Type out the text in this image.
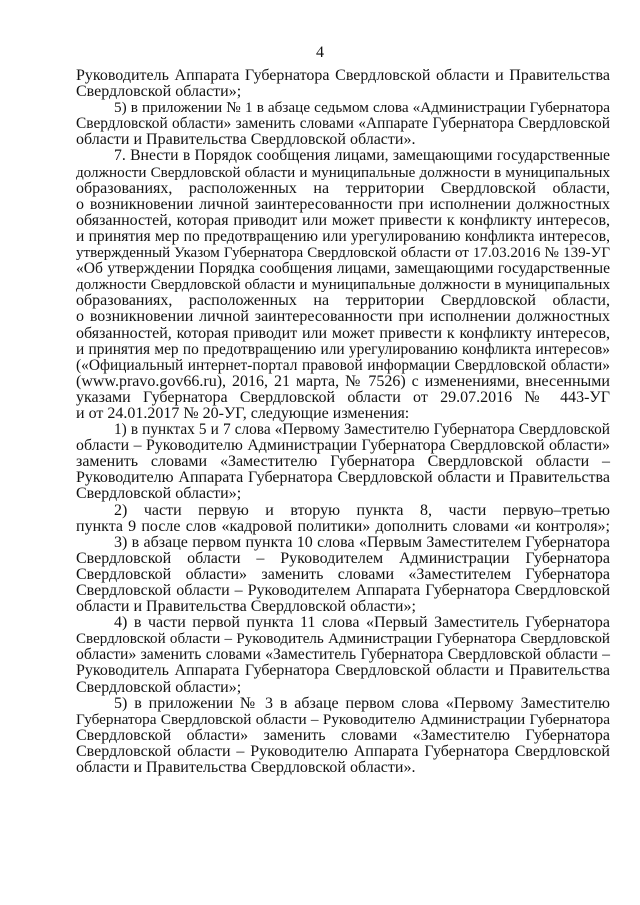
4
Руководитель Аппарата Губернатора Свердловской области и Правительства
Свердловской области»;
5) в приложении № 1 в абзаце седьмом слова «Администрации Губернатора
Свердловской области» заменить словами «Аппарате Губернатора Свердловской
области и Правительства Свердловской области».
7. Внести в Порядок сообщения лицами, замещающими государственные
должности Свердловской области и муниципальные должности в муниципальных
образованиях, расположенных на территории Свердловской области,
о возникновении личной заинтересованности при исполнении должностных
обязанностей, которая приводит или может привести к конфликту интересов,
и принятия мер по предотвращению или урегулированию конфликта интересов,
утвержденный Указом Губернатора Свердловской области от 17.03.2016 № 139-УГ
«Об утверждении Порядка сообщения лицами, замещающими государственные
должности Свердловской области и муниципальные должности в муниципальных
образованиях, расположенных на территории Свердловской области,
о возникновении личной заинтересованности при исполнении должностных
обязанностей, которая приводит или может привести к конфликту интересов,
и принятия мер по предотвращению или урегулированию конфликта интересов»
(«Официальный интернет-портал правовой информации Свердловской области»
(www.pravo.gov66.ru), 2016, 21 марта, № 7526) с изменениями, внесенными
указами Губернатора Свердловской области от 29.07.2016 № 443-УГ
и от 24.01.2017 № 20-УГ, следующие изменения:
1) в пунктах 5 и 7 слова «Первому Заместителю Губернатора Свердловской
области – Руководителю Администрации Губернатора Свердловской области»
заменить словами «Заместителю Губернатора Свердловской области –
Руководителю Аппарата Губернатора Свердловской области и Правительства
Свердловской области»;
2) части первую и вторую пункта 8, части первую–третью
пункта 9 после слов «кадровой политики» дополнить словами «и контроля»;
3) в абзаце первом пункта 10 слова «Первым Заместителем Губернатора
Свердловской области – Руководителем Администрации Губернатора
Свердловской области» заменить словами «Заместителем Губернатора
Свердловской области – Руководителем Аппарата Губернатора Свердловской
области и Правительства Свердловской области»;
4) в части первой пункта 11 слова «Первый Заместитель Губернатора
Свердловской области – Руководитель Администрации Губернатора Свердловской
области» заменить словами «Заместитель Губернатора Свердловской области –
Руководитель Аппарата Губернатора Свердловской области и Правительства
Свердловской области»;
5) в приложении № 3 в абзаце первом слова «Первому Заместителю
Губернатора Свердловской области – Руководителю Администрации Губернатора
Свердловской области» заменить словами «Заместителю Губернатора
Свердловской области – Руководителю Аппарата Губернатора Свердловской
области и Правительства Свердловской области».
